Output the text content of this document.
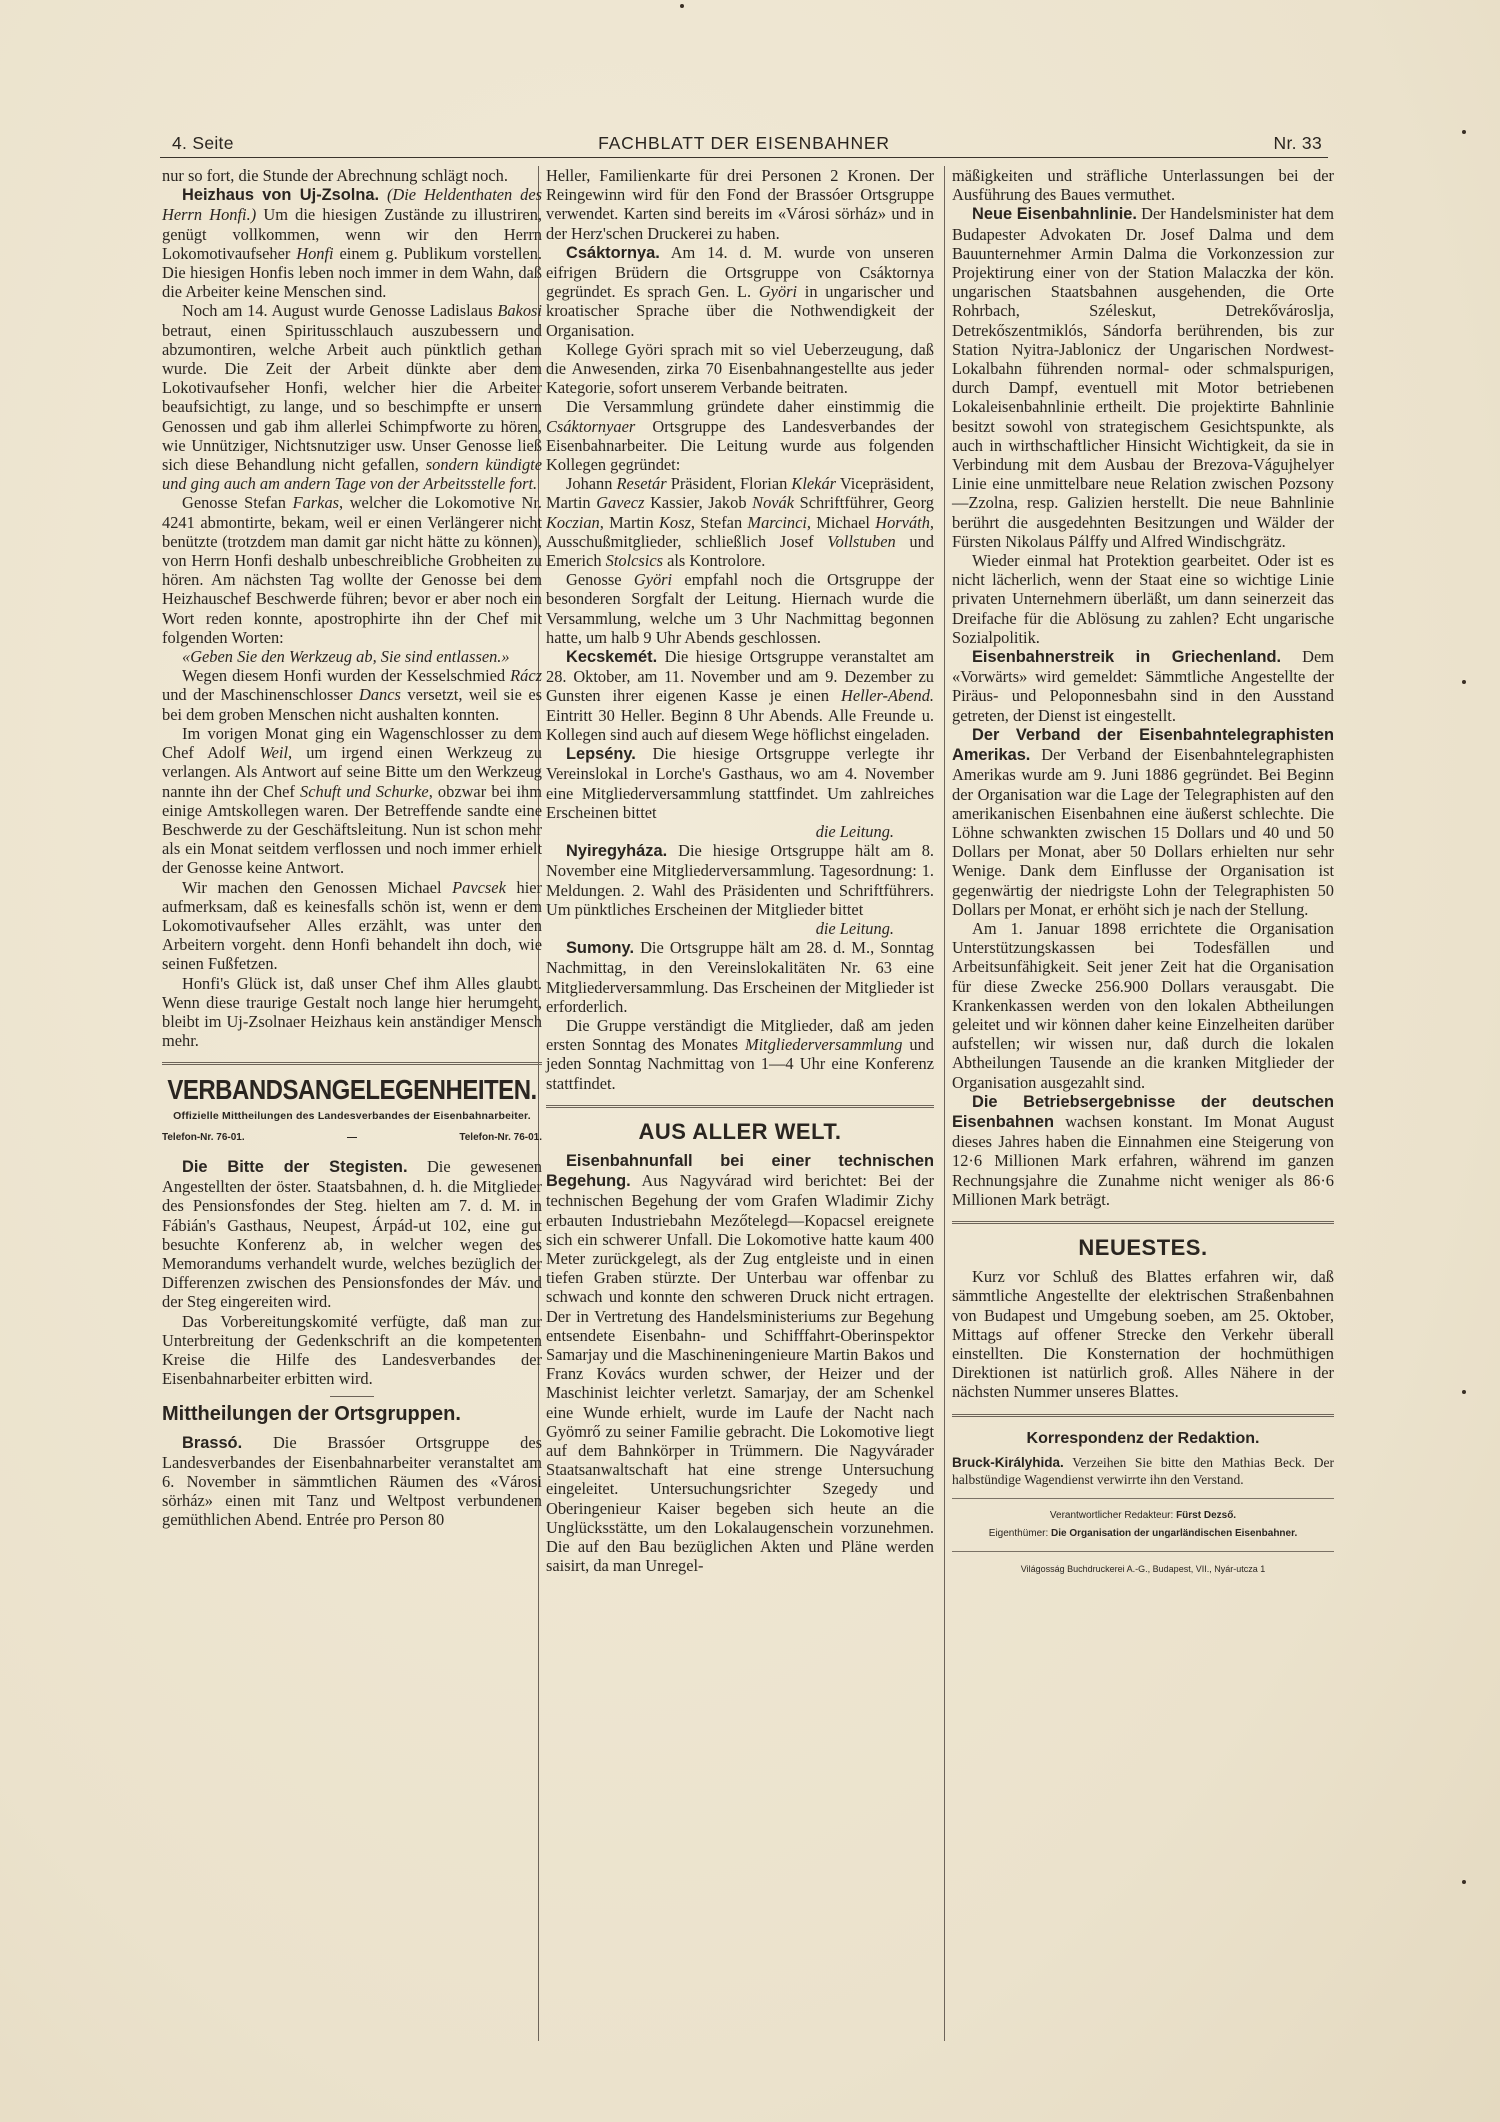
4. Seite	FACHBLATT DER EISENBAHNER	Nr. 33

nur so fort, die Stunde der Abrechnung schlägt noch.

Heizhaus von Uj-Zsolna. (Die Heldenthaten des Herrn Honfi.) Um die hiesigen Zustände zu illustriren, genügt vollkommen, wenn wir den Herrn Lokomotivaufseher Honfi einem g. Publikum vorstellen. Die hiesigen Honfis leben noch immer in dem Wahn, daß die Arbeiter keine Menschen sind.

Noch am 14. August wurde Genosse Ladislaus Bakosi betraut, einen Spiritusschlauch auszubessern und abzumontiren, welche Arbeit auch pünktlich gethan wurde. Die Zeit der Arbeit dünkte aber dem Lokotivaufseher Honfi, welcher hier die Arbeiter beaufsichtigt, zu lange, und so beschimpfte er unsern Genossen und gab ihm allerlei Schimpfworte zu hören, wie Unnütziger, Nichtsnutziger usw. Unser Genosse ließ sich diese Behandlung nicht gefallen, sondern kündigte und ging auch am andern Tage von der Arbeitsstelle fort.

Genosse Stefan Farkas, welcher die Lokomotive Nr. 4241 abmontirte, bekam, weil er einen Verlängerer nicht benützte (trotzdem man damit gar nicht hätte zu können), von Herrn Honfi deshalb unbeschreibliche Grobheiten zu hören. Am nächsten Tag wollte der Genosse bei dem Heizhauschef Beschwerde führen; bevor er aber noch ein Wort reden konnte, apostrophirte ihn der Chef mit folgenden Worten:

«Geben Sie den Werkzeug ab, Sie sind entlassen.»

Wegen diesem Honfi wurden der Kesselschmied Rácz und der Maschinenschlosser Dancs versetzt, weil sie es bei dem groben Menschen nicht aushalten konnten.

Im vorigen Monat ging ein Wagenschlosser zu dem Chef Adolf Weil, um irgend einen Werkzeug zu verlangen. Als Antwort auf seine Bitte um den Werkzeug nannte ihn der Chef Schuft und Schurke, obzwar bei ihm einige Amtskollegen waren. Der Betreffende sandte eine Beschwerde zu der Geschäftsleitung. Nun ist schon mehr als ein Monat seitdem verflossen und noch immer erhielt der Genosse keine Antwort.

Wir machen den Genossen Michael Pavcsek hier aufmerksam, daß es keinesfalls schön ist, wenn er dem Lokomotivaufseher Alles erzählt, was unter den Arbeitern vorgeht. denn Honfi behandelt ihn doch, wie seinen Fußfetzen.

Honfi's Glück ist, daß unser Chef ihm Alles glaubt. Wenn diese traurige Gestalt noch lange hier herumgeht, bleibt im Uj-Zsolnaer Heizhaus kein anständiger Mensch mehr.

VERBANDSANGELEGENHEITEN.

Offizielle Mittheilungen des Landesverbandes der Eisenbahnarbeiter.

Telefon-Nr. 76-01.	—	Telefon-Nr. 76-01.

Die Bitte der Stegisten. Die gewesenen Angestellten der öster. Staatsbahnen, d. h. die Mitglieder des Pensionsfondes der Steg. hielten am 7. d. M. in Fábián's Gasthaus, Neupest, Árpád-ut 102, eine gut besuchte Konferenz ab, in welcher wegen des Memorandums verhandelt wurde, welches bezüglich der Differenzen zwischen des Pensionsfondes der Máv. und der Steg eingereiten wird.

Das Vorbereitungskomité verfügte, daß man zur Unterbreitung der Gedenkschrift an die kompetenten Kreise die Hilfe des Landesverbandes der Eisenbahnarbeiter erbitten wird.

Mittheilungen der Ortsgruppen.

Brassó. Die Brassóer Ortsgruppe des Landesverbandes der Eisenbahnarbeiter veranstaltet am 6. November in sämmtlichen Räumen des «Városi sörház» einen mit Tanz und Weltpost verbundenen gemüthlichen Abend. Entrée pro Person 80

Heller, Familienkarte für drei Personen 2 Kronen. Der Reingewinn wird für den Fond der Brassóer Ortsgruppe verwendet. Karten sind bereits im «Városi sörház» und in der Herz'schen Druckerei zu haben.

Csáktornya. Am 14. d. M. wurde von unseren eifrigen Brüdern die Ortsgruppe von Csáktornya gegründet. Es sprach Gen. L. Györi in ungarischer und kroatischer Sprache über die Nothwendigkeit der Organisation.

Kollege Györi sprach mit so viel Ueberzeugung, daß die Anwesenden, zirka 70 Eisenbahnangestellte aus jeder Kategorie, sofort unserem Verbande beitraten.

Die Versammlung gründete daher einstimmig die Csáktornyaer Ortsgruppe des Landesverbandes der Eisenbahnarbeiter. Die Leitung wurde aus folgenden Kollegen gegründet:

Johann Resetár Präsident, Florian Klekár Vicepräsident, Martin Gavecz Kassier, Jakob Novák Schriftführer, Georg Koczian, Martin Kosz, Stefan Marcinci, Michael Horváth, Ausschußmitglieder, schließlich Josef Vollstuben und Emerich Stolcsics als Kontrolore.

Genosse Györi empfahl noch die Ortsgruppe der besonderen Sorgfalt der Leitung. Hiernach wurde die Versammlung, welche um 3 Uhr Nachmittag begonnen hatte, um halb 9 Uhr Abends geschlossen.

Kecskemét. Die hiesige Ortsgruppe veranstaltet am 28. Oktober, am 11. November und am 9. Dezember zu Gunsten ihrer eigenen Kasse je einen Heller-Abend. Eintritt 30 Heller. Beginn 8 Uhr Abends. Alle Freunde u. Kollegen sind auch auf diesem Wege höflichst eingeladen.

Lepsény. Die hiesige Ortsgruppe verlegte ihr Vereinslokal in Lorche's Gasthaus, wo am 4. November eine Mitgliederversammlung stattfindet. Um zahlreiches Erscheinen bittet

die Leitung.

Nyiregyháza. Die hiesige Ortsgruppe hält am 8. November eine Mitgliederversammlung. Tagesordnung: 1. Meldungen. 2. Wahl des Präsidenten und Schriftführers. Um pünktliches Erscheinen der Mitglieder bittet

die Leitung.

Sumony. Die Ortsgruppe hält am 28. d. M., Sonntag Nachmittag, in den Vereinslokalitäten Nr. 63 eine Mitgliederversammlung. Das Erscheinen der Mitglieder ist erforderlich.

Die Gruppe verständigt die Mitglieder, daß am jeden ersten Sonntag des Monates Mitgliederversammlung und jeden Sonntag Nachmittag von 1—4 Uhr eine Konferenz stattfindet.

AUS ALLER WELT.

Eisenbahnunfall bei einer technischen Begehung. Aus Nagyvárad wird berichtet: Bei der technischen Begehung der vom Grafen Wladimir Zichy erbauten Industriebahn Mezőtelegd—Kopacsel ereignete sich ein schwerer Unfall. Die Lokomotive hatte kaum 400 Meter zurückgelegt, als der Zug entgleiste und in einen tiefen Graben stürzte. Der Unterbau war offenbar zu schwach und konnte den schweren Druck nicht ertragen. Der in Vertretung des Handelsministeriums zur Begehung entsendete Eisenbahn- und Schifffahrt-Oberinspektor Samarjay und die Maschineningenieure Martin Bakos und Franz Kovács wurden schwer, der Heizer und der Maschinist leichter verletzt. Samarjay, der am Schenkel eine Wunde erhielt, wurde im Laufe der Nacht nach Gyömrő zu seiner Familie gebracht. Die Lokomotive liegt auf dem Bahnkörper in Trümmern. Die Nagyvárader Staatsanwaltschaft hat eine strenge Untersuchung eingeleitet. Untersuchungsrichter Szegedy und Oberingenieur Kaiser begeben sich heute an die Unglücksstätte, um den Lokalaugenschein vorzunehmen. Die auf den Bau bezüglichen Akten und Pläne werden saisirt, da man Unregel-

mäßigkeiten und sträfliche Unterlassungen bei der Ausführung des Baues vermuthet.

Neue Eisenbahnlinie. Der Handelsminister hat dem Budapester Advokaten Dr. Josef Dalma und dem Bauunternehmer Armin Dalma die Vorkonzession zur Projektirung einer von der Station Malaczka der kön. ungarischen Staatsbahnen ausgehenden, die Orte Rohrbach, Széleskut, Detrekővároslja, Detrekőszentmiklós, Sándorfa berührenden, bis zur Station Nyitra-Jablonicz der Ungarischen Nordwest-Lokalbahn führenden normal- oder schmalspurigen, durch Dampf, eventuell mit Motor betriebenen Lokaleisenbahnlinie ertheilt. Die projektirte Bahnlinie besitzt sowohl von strategischem Gesichtspunkte, als auch in wirthschaftlicher Hinsicht Wichtigkeit, da sie in Verbindung mit dem Ausbau der Brezova-Vágujhelyer Linie eine unmittelbare neue Relation zwischen Pozsony—Zzolna, resp. Galizien herstellt. Die neue Bahnlinie berührt die ausgedehnten Besitzungen und Wälder der Fürsten Nikolaus Pálffy und Alfred Windischgrätz.

Wieder einmal hat Protektion gearbeitet. Oder ist es nicht lächerlich, wenn der Staat eine so wichtige Linie privaten Unternehmern überläßt, um dann seinerzeit das Dreifache für die Ablösung zu zahlen? Echt ungarische Sozialpolitik.

Eisenbahnerstreik in Griechenland. Dem «Vorwärts» wird gemeldet: Sämmtliche Angestellte der Piräus- und Peloponnesbahn sind in den Ausstand getreten, der Dienst ist eingestellt.

Der Verband der Eisenbahntelegraphisten Amerikas. Der Verband der Eisenbahntelegraphisten Amerikas wurde am 9. Juni 1886 gegründet. Bei Beginn der Organisation war die Lage der Telegraphisten auf den amerikanischen Eisenbahnen eine äußerst schlechte. Die Löhne schwankten zwischen 15 Dollars und 40 und 50 Dollars per Monat, aber 50 Dollars erhielten nur sehr Wenige. Dank dem Einflusse der Organisation ist gegenwärtig der niedrigste Lohn der Telegraphisten 50 Dollars per Monat, er erhöht sich je nach der Stellung.

Am 1. Januar 1898 errichtete die Organisation Unterstützungskassen bei Todesfällen und Arbeitsunfähigkeit. Seit jener Zeit hat die Organisation für diese Zwecke 256.900 Dollars verausgabt. Die Krankenkassen werden von den lokalen Abtheilungen geleitet und wir können daher keine Einzelheiten darüber aufstellen; wir wissen nur, daß durch die lokalen Abtheilungen Tausende an die kranken Mitglieder der Organisation ausgezahlt sind.

Die Betriebsergebnisse der deutschen Eisenbahnen wachsen konstant. Im Monat August dieses Jahres haben die Einnahmen eine Steigerung von 12·6 Millionen Mark erfahren, während im ganzen Rechnungsjahre die Zunahme nicht weniger als 86·6 Millionen Mark beträgt.

NEUESTES.

Kurz vor Schluß des Blattes erfahren wir, daß sämmtliche Angestellte der elektrischen Straßenbahnen von Budapest und Umgebung soeben, am 25. Oktober, Mittags auf offener Strecke den Verkehr überall einstellten. Die Konsternation der hochmüthigen Direktionen ist natürlich groß. Alles Nähere in der nächsten Nummer unseres Blattes.

Korrespondenz der Redaktion.

Bruck-Királyhida. Verzeihen Sie bitte den Mathias Beck. Der halbstündige Wagendienst verwirrte ihn den Verstand.

Verantwortlicher Redakteur: Fürst Dezső.
Eigenthümer: Die Organisation der ungarländischen Eisenbahner.
Világosság Buchdruckerei A.-G., Budapest, VII., Nyár-utcza 1
